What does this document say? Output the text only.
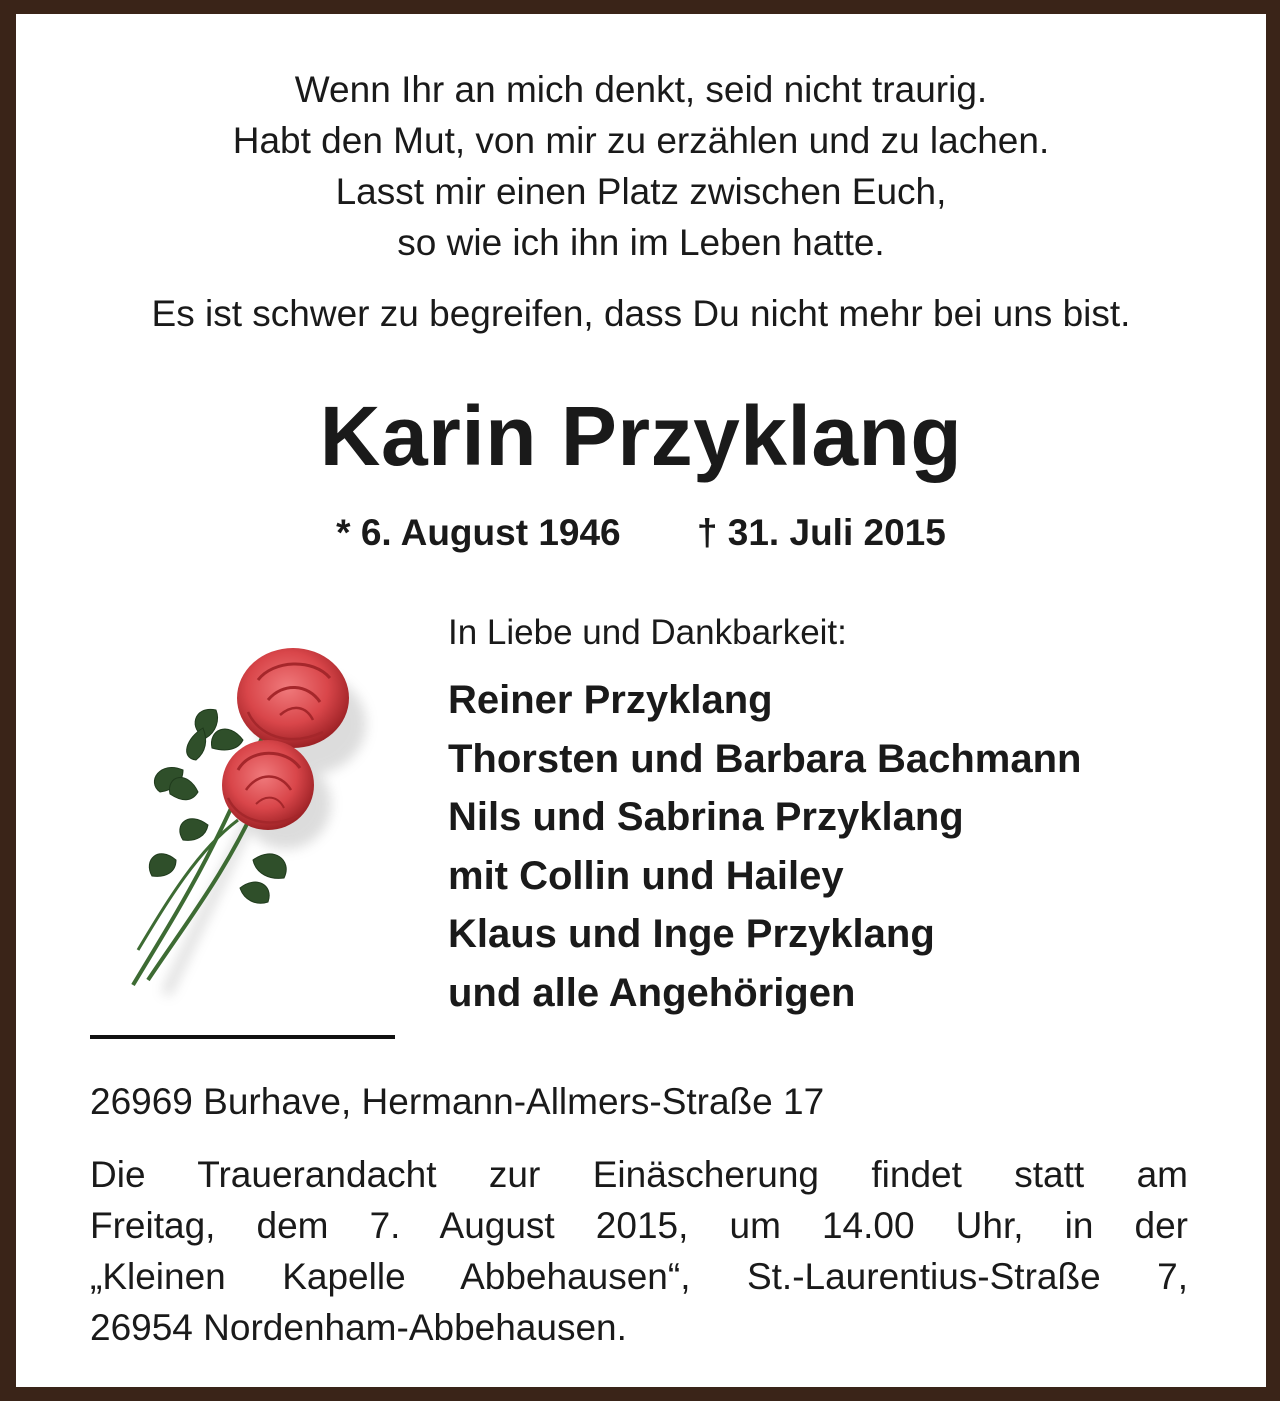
Wenn Ihr an mich denkt, seid nicht traurig.
Habt den Mut, von mir zu erzählen und zu lachen.
Lasst mir einen Platz zwischen Euch,
so wie ich ihn im Leben hatte.
Es ist schwer zu begreifen, dass Du nicht mehr bei uns bist.
Karin Przyklang
* 6. August 1946 † 31. Juli 2015
In Liebe und Dankbarkeit:
Reiner Przyklang
Thorsten und Barbara Bachmann
Nils und Sabrina Przyklang
mit Collin und Hailey
Klaus und Inge Przyklang
und alle Angehörigen
26969 Burhave, Hermann-Allmers-Straße 17
Die Trauerandacht zur Einäscherung findet statt am
Freitag, dem 7. August 2015, um 14.00 Uhr, in der
„Kleinen Kapelle Abbehausen“, St.-Laurentius-Straße 7,
26954 Nordenham-Abbehausen.
